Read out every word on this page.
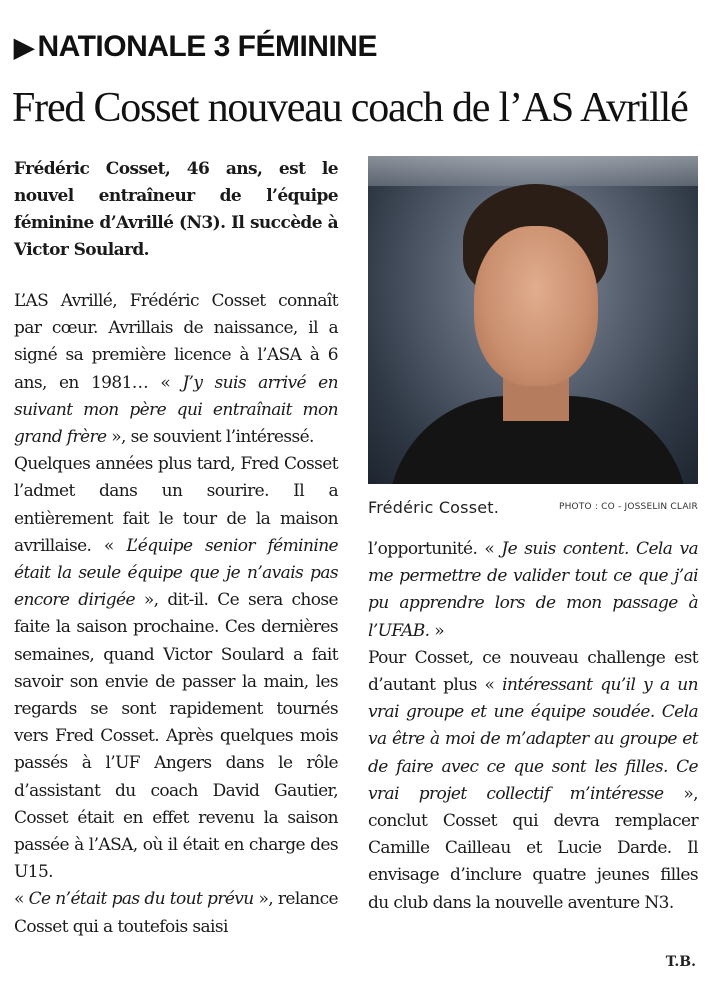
▶ NATIONALE 3 FÉMININE
Fred Cosset nouveau coach de l’AS Avrillé

Frédéric Cosset, 46 ans, est le nouvel entraîneur de l’équipe féminine d’Avrillé (N3). Il succède à Victor Soulard.

L’AS Avrillé, Frédéric Cosset connaît par cœur. Avrillais de naissance, il a signé sa première licence à l’ASA à 6 ans, en 1981… « J’y suis arrivé en suivant mon père qui entraînait mon grand frère », se souvient l’intéressé.

Quelques années plus tard, Fred Cosset l’admet dans un sourire. Il a entièrement fait le tour de la maison avrillaise. « L’équipe senior féminine était la seule équipe que je n’avais pas encore dirigée », dit-il. Ce sera chose faite la saison prochaine. Ces dernières semaines, quand Victor Soulard a fait savoir son envie de passer la main, les regards se sont rapidement tournés vers Fred Cosset. Après quelques mois passés à l’UF Angers dans le rôle d’assistant du coach David Gautier, Cosset était en effet revenu la saison passée à l’ASA, où il était en charge des U15.

« Ce n’était pas du tout prévu », relance Cosset qui a toutefois saisi

Frédéric Cosset.	PHOTO : CO - JOSSELIN CLAIR

l’opportunité. « Je suis content. Cela va me permettre de valider tout ce que j’ai pu apprendre lors de mon passage à l’UFAB. »

Pour Cosset, ce nouveau challenge est d’autant plus « intéressant qu’il y a un vrai groupe et une équipe soudée. Cela va être à moi de m’adapter au groupe et de faire avec ce que sont les filles. Ce vrai projet collectif m’intéresse », conclut Cosset qui devra remplacer Camille Cailleau et Lucie Darde. Il envisage d’inclure quatre jeunes filles du club dans la nouvelle aventure N3.

T.B.
